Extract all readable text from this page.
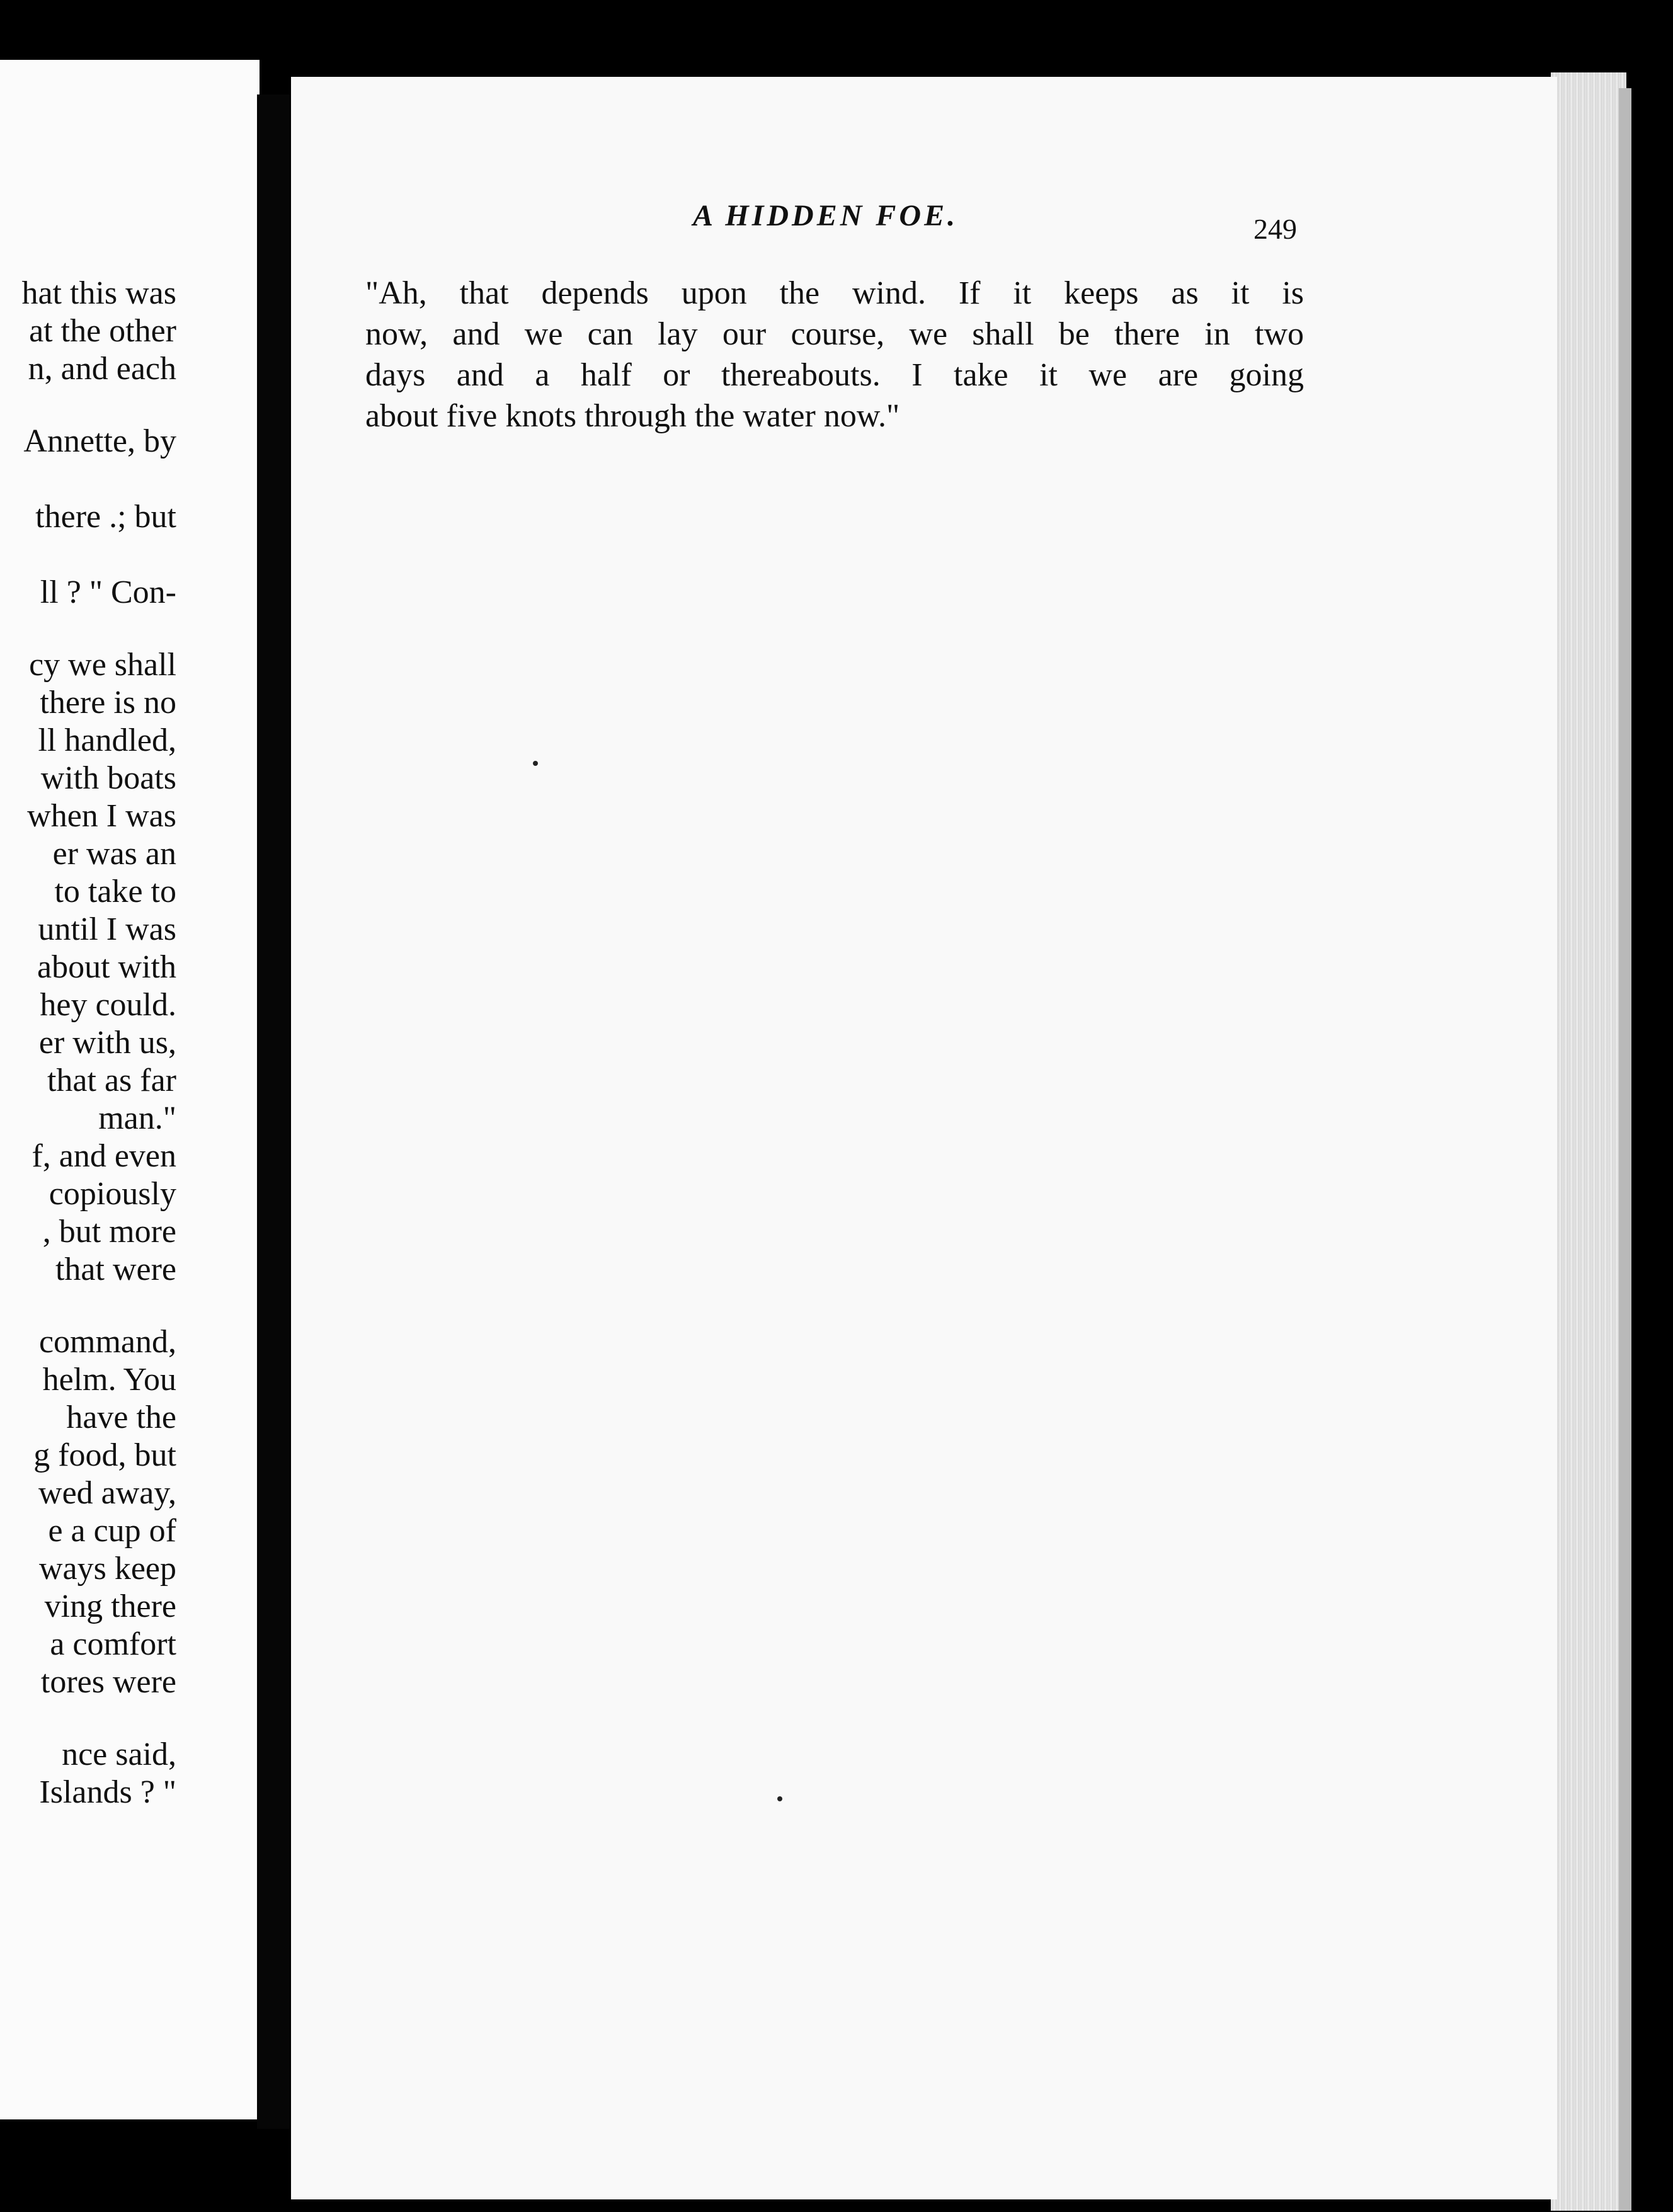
hat this was
at the other
n, and each
Annette, by
there .; but
ll ? " Con-
cy we shall
there is no
ll handled,
with boats
when I was
er was an
to take to
until I was
about with
hey could.
er with us,
that as far
man."
f, and even
copiously
, but more
that were
command,
helm. You
have the
g food, but
wed away,
e a cup of
ways keep
ving there
a comfort
tores were
nce said,
Islands ? "
A HIDDEN FOE.	249
"Ah, that depends upon the wind. If it keeps as it is
now, and we can lay our course, we shall be there in two
days and a half or thereabouts. I take it we are going
about five knots through the water now."
